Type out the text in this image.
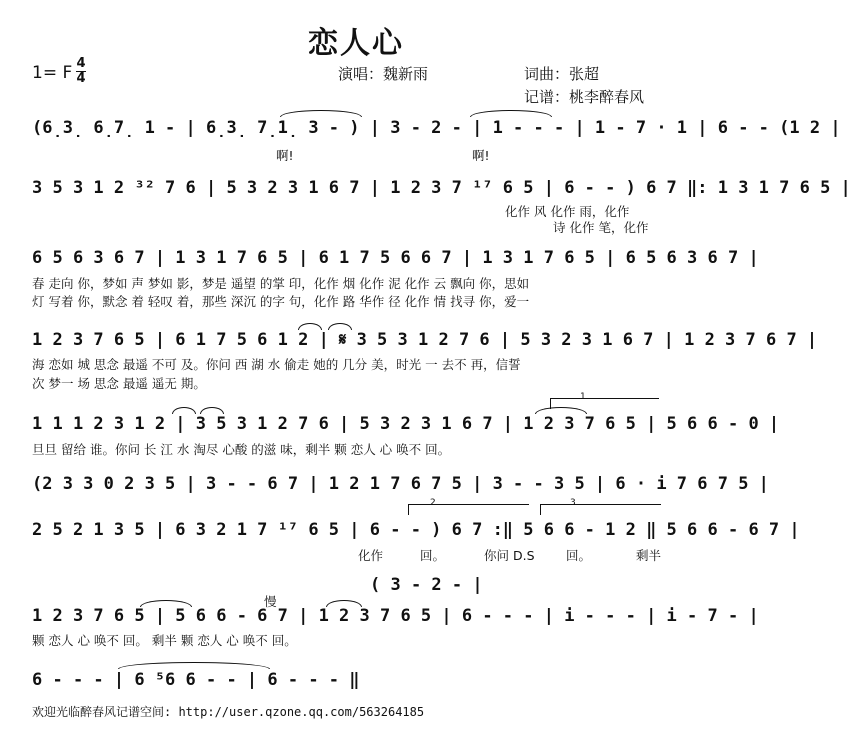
恋人心
1= F 4
4	演唱：魏新雨	词曲：张超
记谱：桃李醉春风
(6̣3̣ 6̣7̣ 1 - | 6̣3̣ 7̣1̣ 3 - ) | 3 - 2 - | 1 - - - | 1 - 7 · 1 | 6 - - (1 2 |
啊!	啊!
3 5 3 1 2 ³² 7 6 | 5 3 2 3 1 6 7 | 1 2 3 7 ¹⁷ 6 5 | 6 - - ) 6 7 ‖: 1 3 1 7 6 5 |
化作 风 化作 雨，化作
诗 化作 笔，化作
6 5 6 3 6 7 | 1 3 1 7 6 5 | 6 1 7 5 6 6 7 | 1 3 1 7 6 5 | 6 5 6 3 6 7 |
春 走向 你，梦如 声 梦如 影，梦是 遥望 的掌 印，化作 烟 化作 泥 化作 云 飘向 你，思如
灯 写着 你，默念 着 轻叹 着，那些 深沉 的字 句，化作 路 华作 径 化作 情 找寻 你，爱一
1 2 3 7 6 5 | 6 1 7 5 6 1 2 | 𝄋 3 5 3 1 2 7 6 | 5 3 2 3 1 6 7 | 1 2 3 7 6 7 |
海 恋如 城 思念 最遥 不可 及。你问 西 湖 水 偷走 她的 几分 美，时光 一 去不 再，信誓
次 梦一 场 思念 最遥 遥无 期。
1
1 1 1 2 3 1 2 | 3 5 3 1 2 7 6 | 5 3 2 3 1 6 7 | 1 2 3 7 6 5 | 5 6 6 - 0 |
旦旦 留给 谁。你问 长 江 水 淘尽 心酸 的滋 味，剩半 颗 恋人 心 唤不 回。
(2 3 3 0 2 3 5 | 3 - - 6 7 | 1 2 1 7 6 7 5 | 3 - - 3 5 | 6 · i 7 6 7 5 |
2	3
2 5 2 1 3 5 | 6 3 2 1 7 ¹⁷ 6 5 | 6 - - ) 6 7 :‖ 5 6 6 - 1 2 ‖ 5 6 6 - 6 7 |
化作	回。	你问 D.S	回。	剩半
( 3 - 2 - |
慢
1 2 3 7 6 5 | 5 6 6 - 6 7 | 1 2 3 7 6 5 | 6 - - - | i - - - | i - 7 - |
颗 恋人 心 唤不 回。 剩半 颗 恋人 心 唤不 回。
6 - - - | 6 ⁵6 6 - - | 6 - - - ‖
欢迎光临醉春风记谱空间: http://user.qzone.qq.com/563264185
